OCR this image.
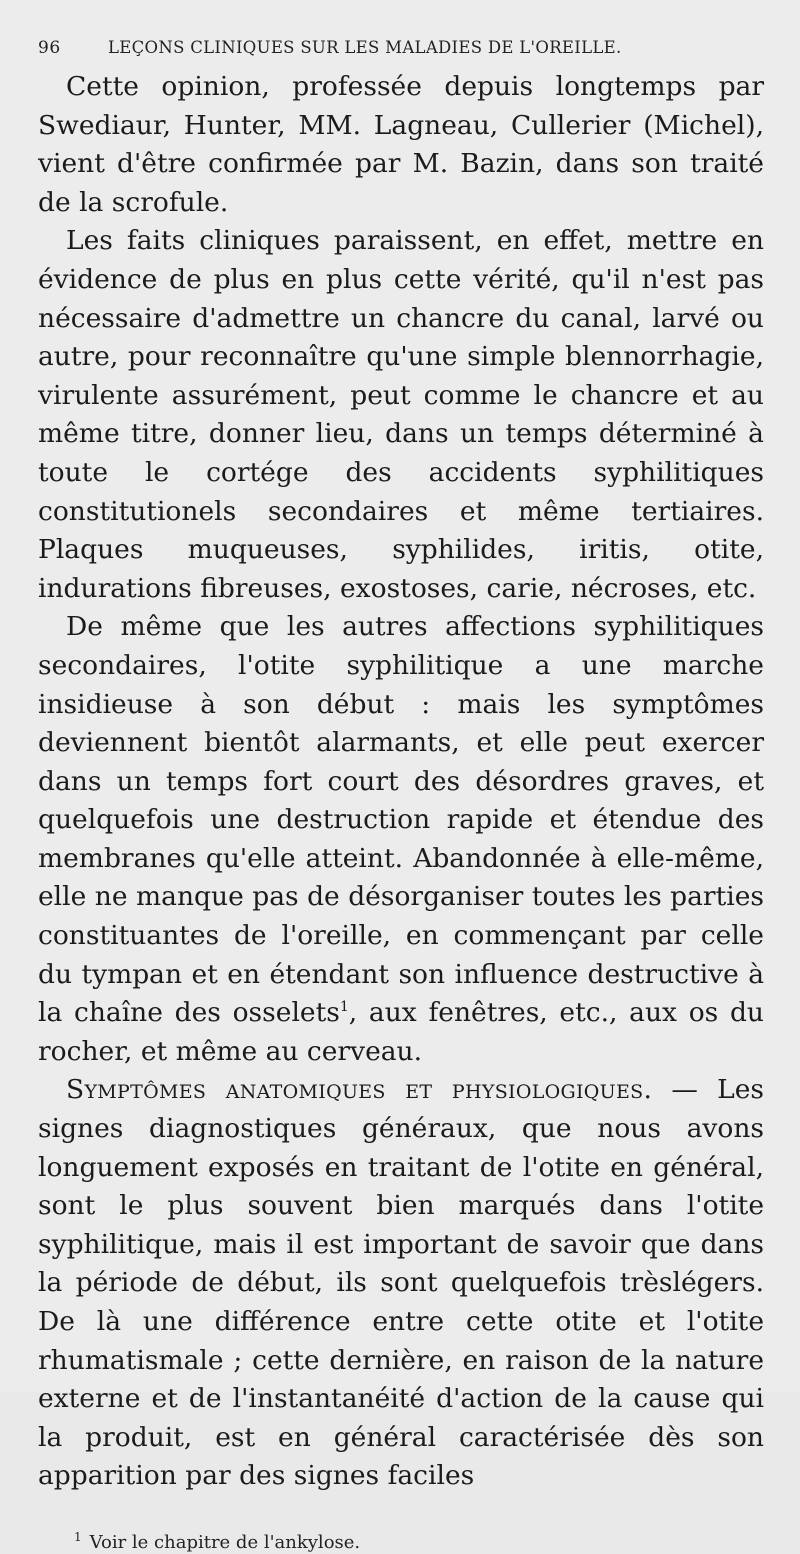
96	LEÇONS CLINIQUES SUR LES MALADIES DE L'OREILLE.

Cette opinion, professée depuis longtemps par Swediaur, Hunter, MM. Lagneau, Cullerier (Michel), vient d'être confirmée par M. Bazin, dans son traité de la scrofule.

Les faits cliniques paraissent, en effet, mettre en évidence de plus en plus cette vérité, qu'il n'est pas nécessaire d'admettre un chancre du canal, larvé ou autre, pour reconnaître qu'une simple blennorrhagie, virulente assurément, peut comme le chancre et au même titre, donner lieu, dans un temps déterminé à toute le cortége des accidents syphilitiques constitutionels secondaires et même tertiaires. Plaques muqueuses, syphilides, iritis, otite, indurations fibreuses, exostoses, carie, nécroses, etc.

De même que les autres affections syphilitiques secondaires, l'otite syphilitique a une marche insidieuse à son début : mais les symptômes deviennent bientôt alarmants, et elle peut exercer dans un temps fort court des désordres graves, et quelquefois une destruction rapide et étendue des membranes qu'elle atteint. Abandonnée à elle-même, elle ne manque pas de désorganiser toutes les parties constituantes de l'oreille, en commençant par celle du tympan et en étendant son influence destructive à la chaîne des osselets$^1$, aux fenêtres, etc., aux os du rocher, et même au cerveau.

Symptômes anatomiques et physiologiques. — Les signes diagnostiques généraux, que nous avons longuement exposés en traitant de l'otite en général, sont le plus souvent bien marqués dans l'otite syphilitique, mais il est important de savoir que dans la période de début, ils sont quelquefois trèslégers. De là une différence entre cette otite et l'otite rhumatismale ; cette dernière, en raison de la nature externe et de l'instantanéité d'action de la cause qui la produit, est en général caractérisée dès son apparition par des signes faciles

$^1$ Voir le chapitre de l'ankylose.
